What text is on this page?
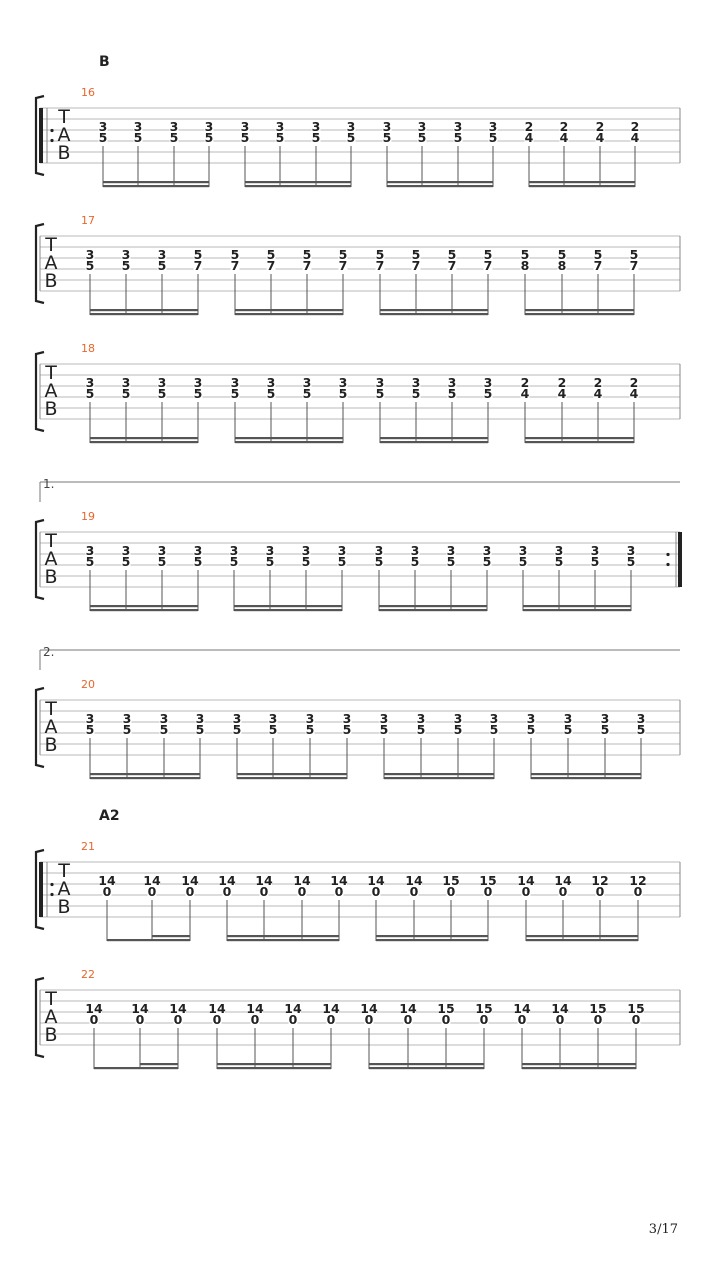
B
A2
T
A
B
16
3
5
3
5
3
5
3
5
3
5
3
5
3
5
3
5
3
5
3
5
3
5
3
5
2
4
2
4
2
4
2
4
T
A
B
17
3
5
3
5
3
5
5
7
5
7
5
7
5
7
5
7
5
7
5
7
5
7
5
7
5
8
5
8
5
7
5
7
T
A
B
18
3
5
3
5
3
5
3
5
3
5
3
5
3
5
3
5
3
5
3
5
3
5
3
5
2
4
2
4
2
4
2
4
1.
T
A
B
19
3
5
3
5
3
5
3
5
3
5
3
5
3
5
3
5
3
5
3
5
3
5
3
5
3
5
3
5
3
5
3
5
2.
T
A
B
20
3
5
3
5
3
5
3
5
3
5
3
5
3
5
3
5
3
5
3
5
3
5
3
5
3
5
3
5
3
5
3
5
T
A
B
21
14
0
14
0
14
0
14
0
14
0
14
0
14
0
14
0
14
0
15
0
15
0
14
0
14
0
12
0
12
0
T
A
B
22
14
0
14
0
14
0
14
0
14
0
14
0
14
0
14
0
14
0
15
0
15
0
14
0
14
0
15
0
15
0
3/17
